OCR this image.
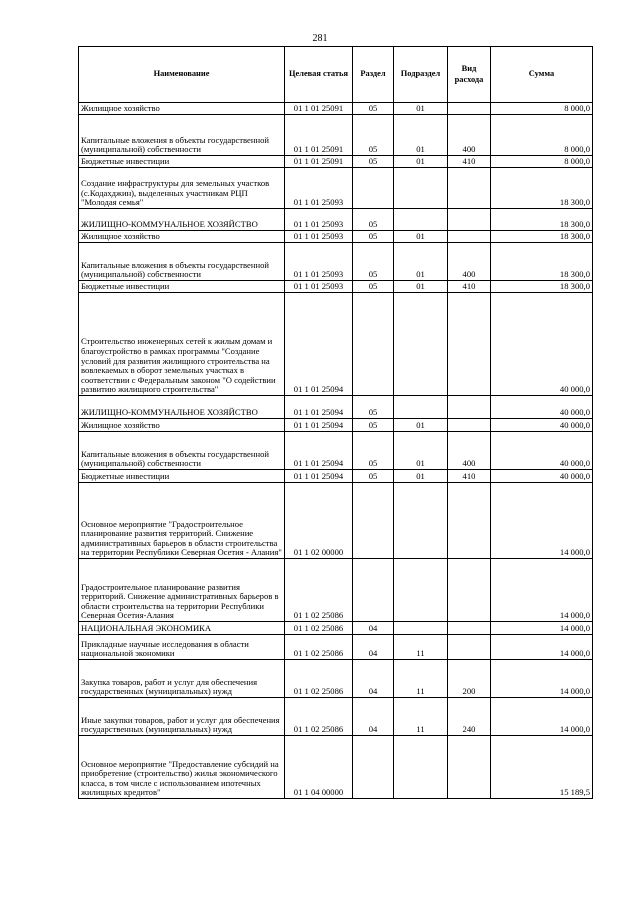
281
Наименование	Целевая статья	Раздел	Подраздел	Вид расхода	Сумма
Жилищное хозяйство	01 1 01 25091	05	01		8 000,0
Капитальные вложения в объекты государственной (муниципальной) собственности	01 1 01 25091	05	01	400	8 000,0
Бюджетные инвестиции	01 1 01 25091	05	01	410	8 000,0
Создание инфраструктуры для земельных участков (с.Кодахджин), выделенных участникам РЦП "Молодая семья"	01 1 01 25093				18 300,0
ЖИЛИЩНО-КОММУНАЛЬНОЕ ХОЗЯЙСТВО	01 1 01 25093	05			18 300,0
Жилищное хозяйство	01 1 01 25093	05	01		18 300,0
Капитальные вложения в объекты государственной (муниципальной) собственности	01 1 01 25093	05	01	400	18 300,0
Бюджетные инвестиции	01 1 01 25093	05	01	410	18 300,0
Строительство инженерных сетей к жилым домам и благоустройство в рамках программы "Создание условий для развития жилищного строительства на вовлекаемых в оборот земельных участках в соответствии с Федеральным законом "О содействии развитию жилищного строительства"	01 1 01 25094				40 000,0
ЖИЛИЩНО-КОММУНАЛЬНОЕ ХОЗЯЙСТВО	01 1 01 25094	05			40 000,0
Жилищное хозяйство	01 1 01 25094	05	01		40 000,0
Капитальные вложения в объекты государственной (муниципальной) собственности	01 1 01 25094	05	01	400	40 000,0
Бюджетные инвестиции	01 1 01 25094	05	01	410	40 000,0
Основное мероприятие "Градостроительное планирование развития территорий. Снижение административных барьеров в области строительства на территории Республики Северная Осетия - Алания"	01 1 02 00000				14 000,0
Градостроительное планирование развития территорий. Снижение административных барьеров в области строительства на территории Республики Северная Осетия-Алания	01 1 02 25086				14 000,0
НАЦИОНАЛЬНАЯ ЭКОНОМИКА	01 1 02 25086	04			14 000,0
Прикладные научные исследования в области национальной экономики	01 1 02 25086	04	11		14 000,0
Закупка товаров, работ и услуг для обеспечения государственных (муниципальных) нужд	01 1 02 25086	04	11	200	14 000,0
Иные закупки товаров, работ и услуг для обеспечения государственных (муниципальных) нужд	01 1 02 25086	04	11	240	14 000,0
Основное мероприятие "Предоставление субсидий на приобретение (строительство) жилья экономического класса, в том числе с использованием ипотечных жилищных кредитов"	01 1 04 00000				15 189,5
